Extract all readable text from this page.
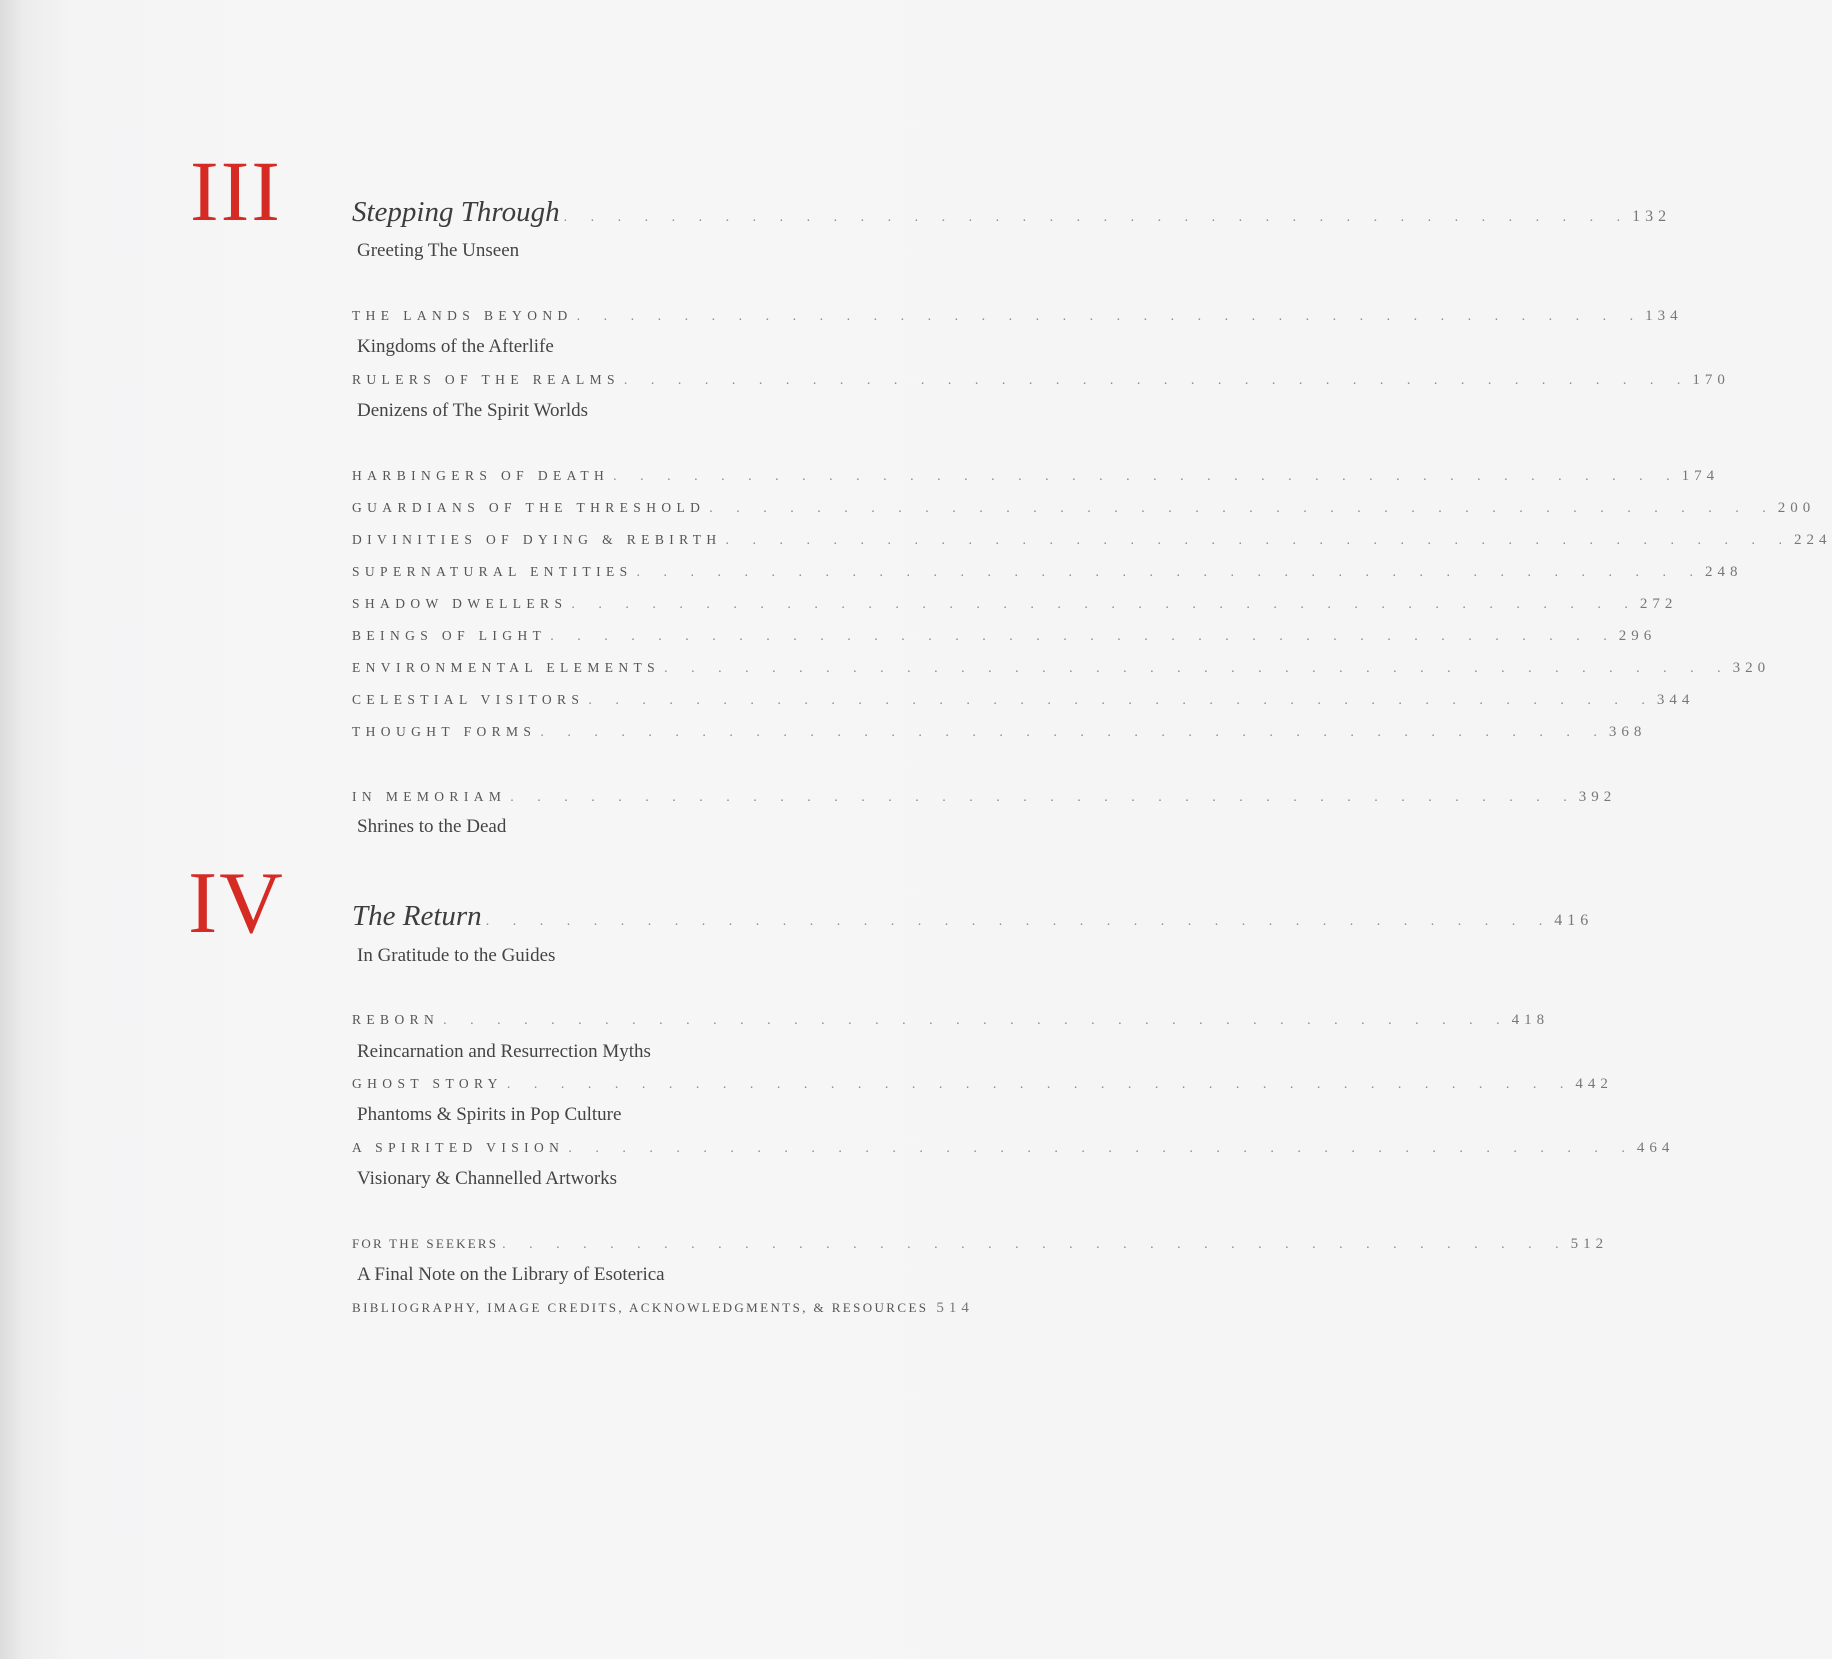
III Stepping Through . . . . . . . . . . . . . . . . . . . . . . . . . . . . . . . . . . . . . . . . 132
Greeting The Unseen
THE LANDS BEYOND . . . . . . . . . . . . . . . . . . . . . . . . . . . . . . . . . . . . . . . . 134
Kingdoms of the Afterlife
RULERS OF THE REALMS . . . . . . . . . . . . . . . . . . . . . . . . . . . . . . . . . . . . . . . . 170
Denizens of The Spirit Worlds
HARBINGERS OF DEATH . . . . . . . . . . . . . . . . . . . . . . . . . . . . . . . . . . . . . . . . 174
GUARDIANS OF THE THRESHOLD . . . . . . . . . . . . . . . . . . . . . . . . . . . . . . . . . . . . . . . . 200
DIVINITIES OF DYING & REBIRTH . . . . . . . . . . . . . . . . . . . . . . . . . . . . . . . . . . . . . . . . 224
SUPERNATURAL ENTITIES . . . . . . . . . . . . . . . . . . . . . . . . . . . . . . . . . . . . . . . . 248
SHADOW DWELLERS . . . . . . . . . . . . . . . . . . . . . . . . . . . . . . . . . . . . . . . . 272
BEINGS OF LIGHT . . . . . . . . . . . . . . . . . . . . . . . . . . . . . . . . . . . . . . . . 296
ENVIRONMENTAL ELEMENTS . . . . . . . . . . . . . . . . . . . . . . . . . . . . . . . . . . . . . . . . 320
CELESTIAL VISITORS . . . . . . . . . . . . . . . . . . . . . . . . . . . . . . . . . . . . . . . . 344
THOUGHT FORMS . . . . . . . . . . . . . . . . . . . . . . . . . . . . . . . . . . . . . . . . 368
IN MEMORIAM . . . . . . . . . . . . . . . . . . . . . . . . . . . . . . . . . . . . . . . . 392
Shrines to the Dead
IV The Return . . . . . . . . . . . . . . . . . . . . . . . . . . . . . . . . . . . . . . . . 416
In Gratitude to the Guides
REBORN . . . . . . . . . . . . . . . . . . . . . . . . . . . . . . . . . . . . . . . . 418
Reincarnation and Resurrection Myths
GHOST STORY . . . . . . . . . . . . . . . . . . . . . . . . . . . . . . . . . . . . . . . . 442
Phantoms & Spirits in Pop Culture
A SPIRITED VISION . . . . . . . . . . . . . . . . . . . . . . . . . . . . . . . . . . . . . . . . 464
Visionary & Channelled Artworks
FOR THE SEEKERS . . . . . . . . . . . . . . . . . . . . . . . . . . . . . . . . . . . . . . . . 512
A Final Note on the Library of Esoterica
BIBLIOGRAPHY, IMAGE CREDITS, ACKNOWLEDGMENTS, & RESOURCES 514
